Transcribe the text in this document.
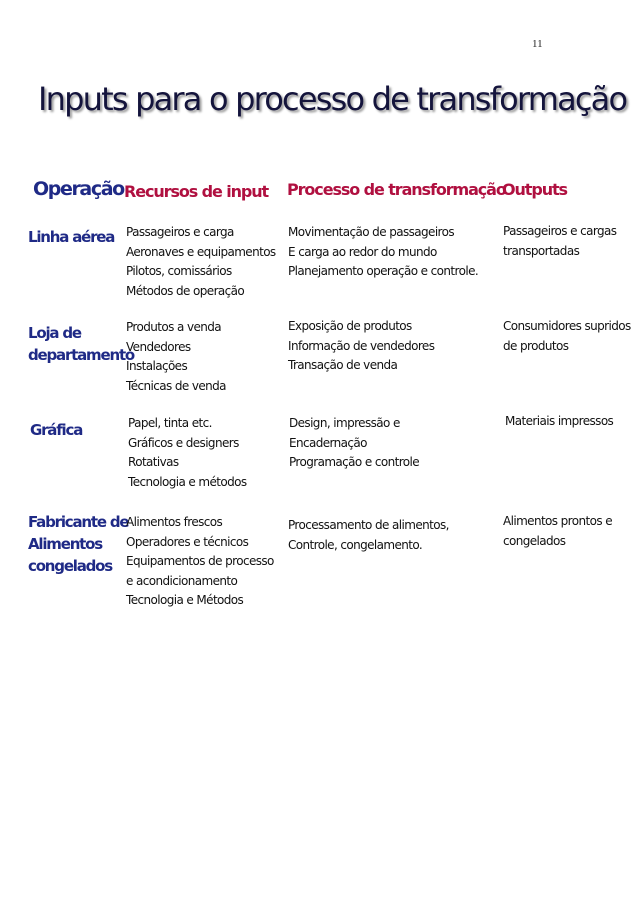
11
Inputs para o processo de transformação
Operação Recursos de input Processo de transformação
Outputs
Linha aérea Passageiros e carga
Aeronaves e equipamentos
Pilotos, comissários
Métodos de operação
Movimentação de passageiros
E carga ao redor do mundo
Planejamento operação e controle.
Passageiros e cargas
transportadas
Loja de
departamento
Produtos a venda
Vendedores
Instalações
Técnicas de venda
Exposição de produtos
Informação de vendedores
Transação de venda
Consumidores supridos
de produtos
Gráfica	Papel, tinta etc.
Gráficos e designers
Rotativas
Tecnologia e métodos
Design, impressão e
Encadernação
Programação e controle
Materiais impressos
Fabricante de
Alimentos
congelados
Alimentos frescos
Operadores e técnicos
Equipamentos de processo
e acondicionamento
Tecnologia e Métodos
Processamento de alimentos,
Controle, congelamento.
Alimentos prontos e
congelados
